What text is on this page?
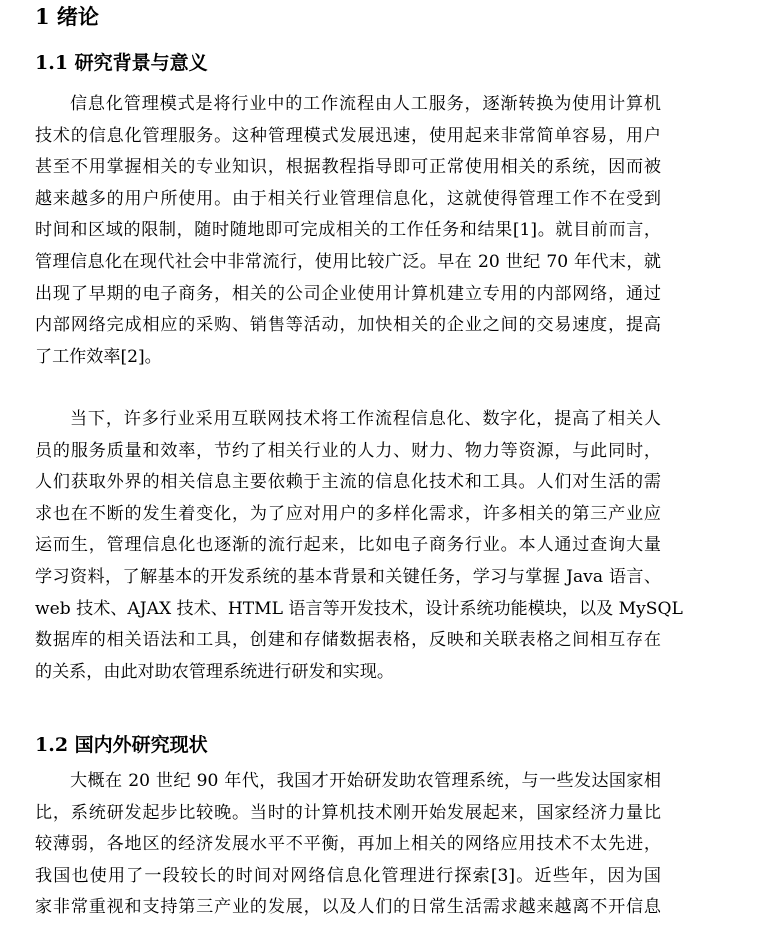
1 绪论
1.1 研究背景与意义
信息化管理模式是将行业中的工作流程由人工服务，逐渐转换为使用计算机
技术的信息化管理服务。这种管理模式发展迅速，使用起来非常简单容易，用户
甚至不用掌握相关的专业知识，根据教程指导即可正常使用相关的系统，因而被
越来越多的用户所使用。由于相关行业管理信息化，这就使得管理工作不在受到
时间和区域的限制，随时随地即可完成相关的工作任务和结果[1]。就目前而言，
管理信息化在现代社会中非常流行，使用比较广泛。早在 20 世纪 70 年代末，就
出现了早期的电子商务，相关的公司企业使用计算机建立专用的内部网络，通过
内部网络完成相应的采购、销售等活动，加快相关的企业之间的交易速度，提高
了工作效率[2]。
当下，许多行业采用互联网技术将工作流程信息化、数字化，提高了相关人
员的服务质量和效率，节约了相关行业的人力、财力、物力等资源，与此同时，
人们获取外界的相关信息主要依赖于主流的信息化技术和工具。人们对生活的需
求也在不断的发生着变化，为了应对用户的多样化需求，许多相关的第三产业应
运而生，管理信息化也逐渐的流行起来，比如电子商务行业。本人通过查询大量
学习资料，了解基本的开发系统的基本背景和关键任务，学习与掌握 Java 语言、
web 技术、AJAX 技术、HTML 语言等开发技术，设计系统功能模块，以及 MySQL
数据库的相关语法和工具，创建和存储数据表格，反映和关联表格之间相互存在
的关系，由此对助农管理系统进行研发和实现。
1.2 国内外研究现状
大概在 20 世纪 90 年代，我国才开始研发助农管理系统，与一些发达国家相
比，系统研发起步比较晚。当时的计算机技术刚开始发展起来，国家经济力量比
较薄弱，各地区的经济发展水平不平衡，再加上相关的网络应用技术不太先进，
我国也使用了一段较长的时间对网络信息化管理进行探索[3]。近些年，因为国
家非常重视和支持第三产业的发展，以及人们的日常生活需求越来越离不开信息
